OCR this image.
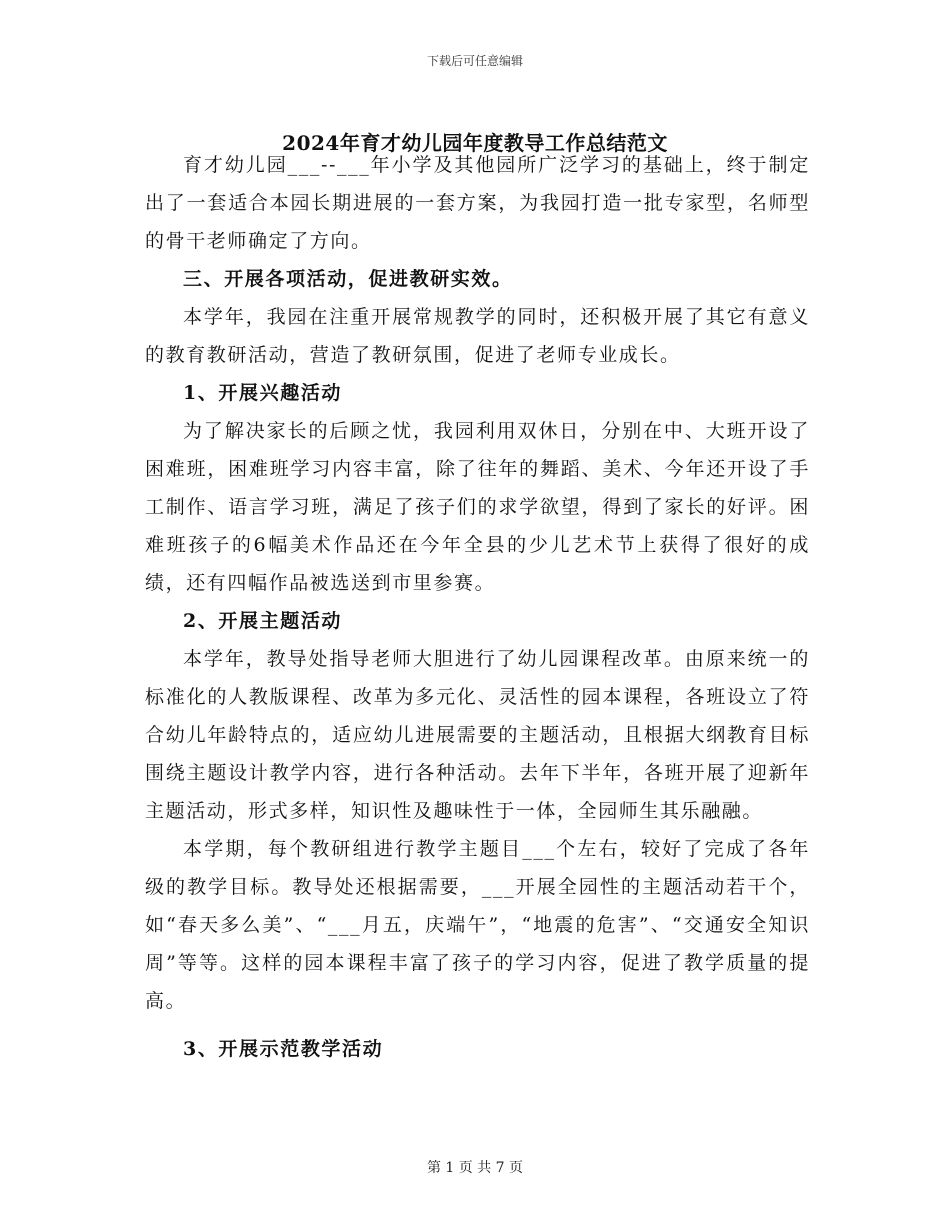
下载后可任意编辑
2024年育才幼儿园年度教导工作总结范文

育才幼儿园___--___年小学及其他园所广泛学习的基础上，终于制定出了一套适合本园长期进展的一套方案，为我园打造一批专家型，名师型的骨干老师确定了方向。

三、开展各项活动，促进教研实效。

本学年，我园在注重开展常规教学的同时，还积极开展了其它有意义的教育教研活动，营造了教研氛围，促进了老师专业成长。

1、开展兴趣活动

为了解决家长的后顾之忧，我园利用双休日，分别在中、大班开设了困难班，困难班学习内容丰富，除了往年的舞蹈、美术、今年还开设了手工制作、语言学习班，满足了孩子们的求学欲望，得到了家长的好评。困难班孩子的6幅美术作品还在今年全县的少儿艺术节上获得了很好的成绩，还有四幅作品被选送到市里参赛。

2、开展主题活动

本学年，教导处指导老师大胆进行了幼儿园课程改革。由原来统一的标准化的人教版课程、改革为多元化、灵活性的园本课程，各班设立了符合幼儿年龄特点的，适应幼儿进展需要的主题活动，且根据大纲教育目标围绕主题设计教学内容，进行各种活动。去年下半年，各班开展了迎新年主题活动，形式多样，知识性及趣味性于一体，全园师生其乐融融。

本学期，每个教研组进行教学主题目___个左右，较好了完成了各年级的教学目标。教导处还根据需要，___开展全园性的主题活动若干个，如“春天多么美”、“___月五，庆端午”，“地震的危害”、“交通安全知识周”等等。这样的园本课程丰富了孩子的学习内容，促进了教学质量的提高。

3、开展示范教学活动
第 1 页 共 7 页
